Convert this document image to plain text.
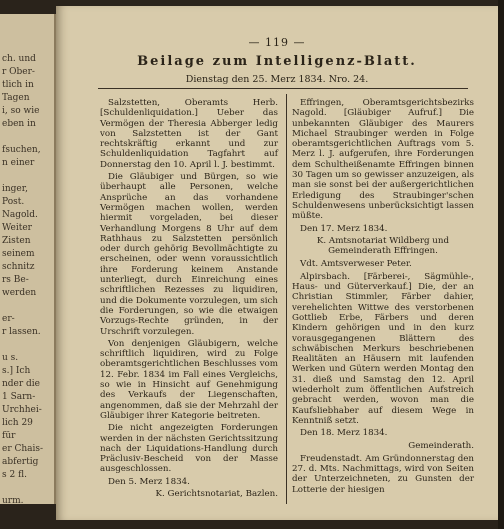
ch. und
r Ober-
tlich in
Tagen
i, so wie
eben in
fsuchen,
n einer
inger,
Post.
Nagold.
Weiter
Zisten
seinem
schnitz
rs Be-
werden
er-
r lassen.
u s.
s.] Ich
nder die
1 Sarn-
Urchhei-
lich 29
für
er Chais-
abfertig
s 2 fl.
urm.
— 119 —
Beilage zum Intelligenz-Blatt.
Dienstag den 25. Merz 1834. Nro. 24.

Salzstetten, Oberamts Herb. [Schuldenliquidation.] Ueber das Vermögen der Theresia Abberger ledig von Salzstetten ist der Gant rechtskräftig erkannt und zur Schuldenliquidation Tagfahrt auf Donnerstag den 10. April l. J. bestimmt.

Die Gläubiger und Bürgen, so wie überhaupt alle Personen, welche Ansprüche an das vorhandene Vermögen machen wollen, werden hiermit vorgeladen, bei dieser Verhandlung Morgens 8 Uhr auf dem Rathhaus zu Salzstetten persönlich oder durch gehörig Bevollmächtigte zu erscheinen, oder wenn voraussichtlich ihre Forderung keinem Anstande unterliegt, durch Einreichung eines schriftlichen Rezesses zu liquidiren, und die Dokumente vorzulegen, um sich die Forderungen, so wie die etwaigen Vorzugs-Rechte gründen, in der Urschrift vorzulegen.

Von denjenigen Gläubigern, welche schriftlich liquidiren, wird zu Folge oberamtsgerichtlichen Beschlusses vom 12. Febr. 1834 im Fall eines Vergleichs, so wie in Hinsicht auf Genehmigung des Verkaufs der Liegenschaften, angenommen, daß sie der Mehrzahl der Gläubiger ihrer Kategorie beitreten.

Die nicht angezeigten Forderungen werden in der nächsten Gerichtssitzung nach der Liquidations-Handlung durch Präclusiv-Bescheid von der Masse ausgeschlossen.

Den 5. Merz 1834.

K. Gerichtsnotariat, Bazlen.

Effringen, Oberamtsgerichtsbezirks Nagold. [Gläubiger Aufruf.] Die unbekannten Gläubiger des Maurers Michael Straubinger werden in Folge oberamtsgerichtlichen Auftrags vom 5. Merz l. J. aufgerufen, ihre Forderungen dem Schultheißenamte Effringen binnen 30 Tagen um so gewisser anzuzeigen, als man sie sonst bei der außergerichtlichen Erledigung des Straubinger'schen Schuldenwesens unberücksichtigt lassen müßte.

Den 17. Merz 1834.

K. Amtsnotariat Wildberg und Gemeinderath Effringen.

Vdt. Amtsverweser Peter.

Alpirsbach. [Färberei-, Sägmühle-, Haus- und Güterverkauf.] Die, der an Christian Stimmler, Färber dahier, verehelichten Wittwe des verstorbenen Gottlieb Erbe, Färbers und deren Kindern gehörigen und in den kurz vorausgegangenen Blättern des schwäbischen Merkurs beschriebenen Realitäten an Häusern mit laufenden Werken und Gütern werden Montag den 31. dieß und Samstag den 12. April wiederholt zum öffentlichen Aufstreich gebracht werden, wovon man die Kaufsliebhaber auf diesem Wege in Kenntniß setzt.

Den 18. Merz 1834.

Gemeinderath.

Freudenstadt. Am Gründonnerstag den 27. d. Mts. Nachmittags, wird von Seiten der Unterzeichneten, zu Gunsten der Lotterie der hiesigen
